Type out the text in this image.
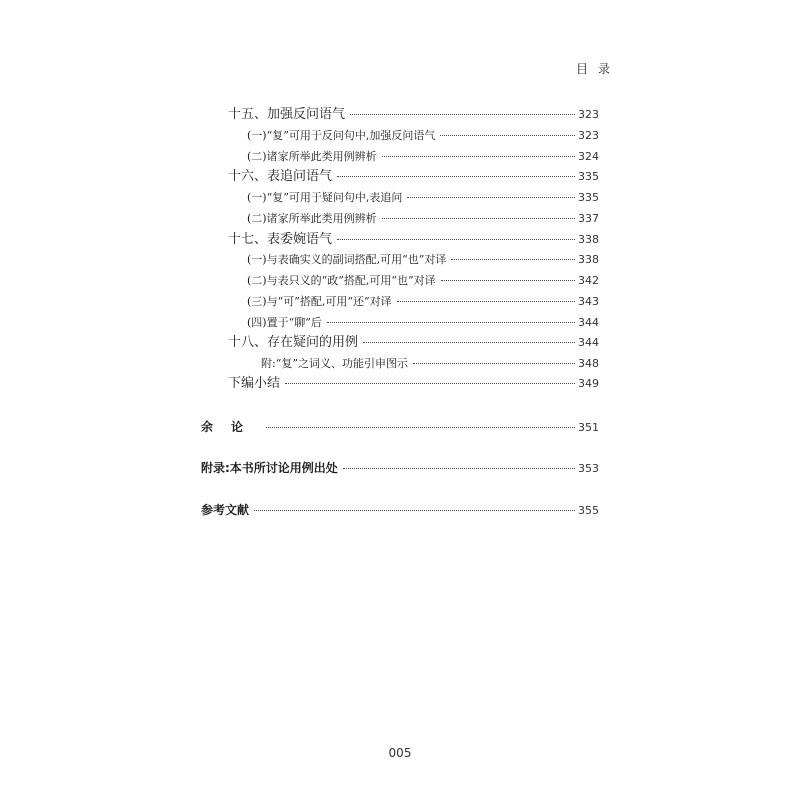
目录
十五、加强反问语气	323
(一)“复”可用于反问句中,加强反问语气	323
(二)诸家所举此类用例辨析	324
十六、表追问语气	335
(一)“复”可用于疑问句中,表追问	335
(二)诸家所举此类用例辨析	337
十七、表委婉语气	338
(一)与表确实义的副词搭配,可用“也”对译	338
(二)与表只义的“政”搭配,可用“也”对译	342
(三)与“可”搭配,可用“还”对译	343
(四)置于“聊”后	344
十八、存在疑问的用例	344
附:“复”之词义、功能引申图示	348
下编小结	349
余论	351
附录:本书所讨论用例出处	353
参考文献	355
005
